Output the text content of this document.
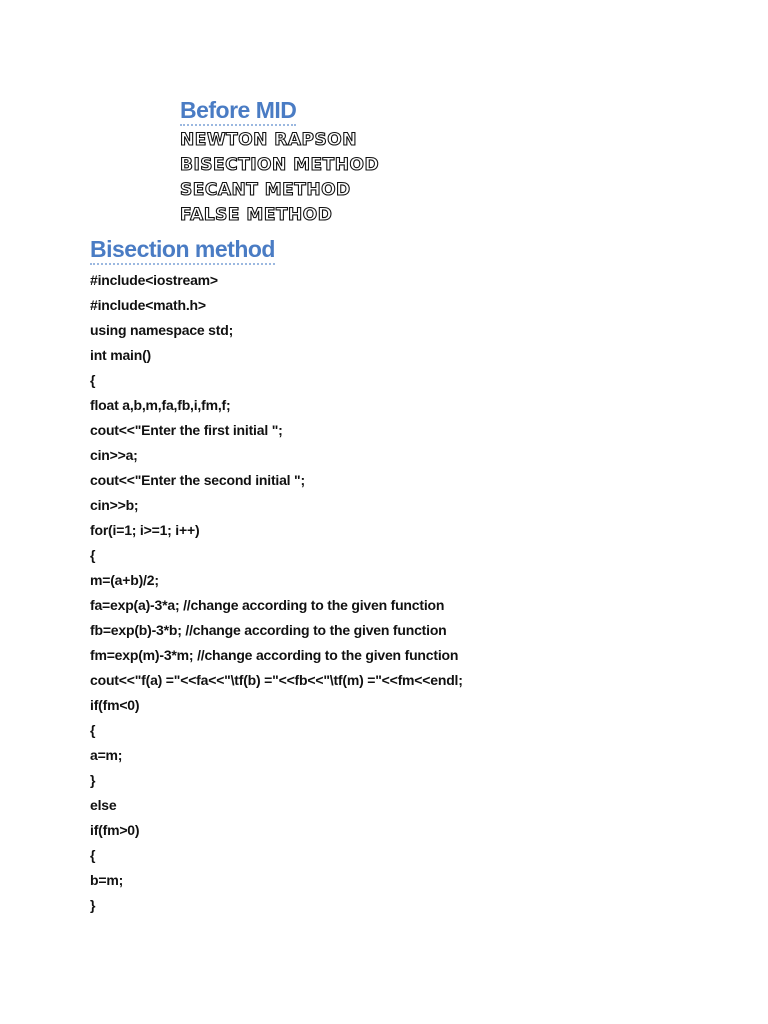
Before MID
NEWTON RAPSON
BISECTION METHOD
SECANT METHOD
FALSE METHOD
Bisection method
#include<iostream>
#include<math.h>
using namespace std;
int main()
{
float a,b,m,fa,fb,i,fm,f;
cout<<"Enter the first initial ";
cin>>a;
cout<<"Enter the second initial ";
cin>>b;
for(i=1; i>=1; i++)
{
m=(a+b)/2;
fa=exp(a)-3*a; //change according to the given function
fb=exp(b)-3*b; //change according to the given function
fm=exp(m)-3*m; //change according to the given function
cout<<"f(a) ="<<fa<<"\tf(b) ="<<fb<<"\tf(m) ="<<fm<<endl;
if(fm<0)
{
a=m;
}
else
if(fm>0)
{
b=m;
}
